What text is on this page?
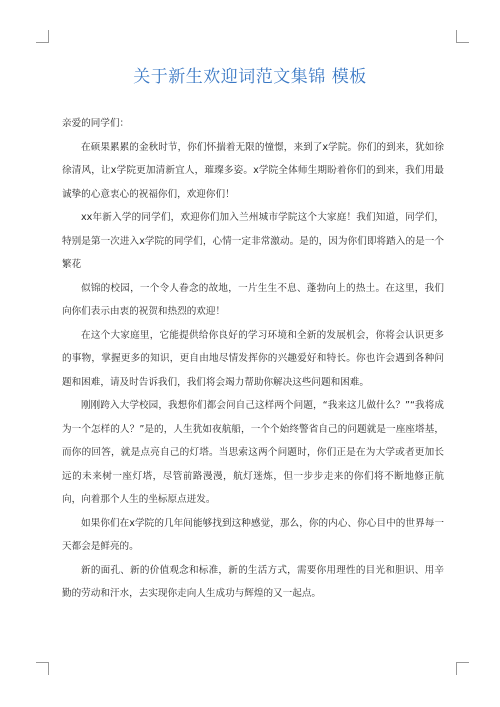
关于新生欢迎词范文集锦 模板

亲爱的同学们：

在硕果累累的金秋时节，你们怀揣着无限的憧憬，来到了x学院。你们的到来，犹如徐徐清风，让x学院更加清新宜人，璀璨多姿。x学院全体师生期盼着你们的到来，我们用最诚挚的心意衷心的祝福你们，欢迎你们！

xx年新入学的同学们，欢迎你们加入兰州城市学院这个大家庭！我们知道，同学们，特别是第一次进入x学院的同学们，心情一定非常激动。是的，因为你们即将踏入的是一个繁花

似锦的校园，一个令人眷念的故地，一片生生不息、蓬勃向上的热土。在这里，我们向你们表示由衷的祝贺和热烈的欢迎！

在这个大家庭里，它能提供给你良好的学习环境和全新的发展机会，你将会认识更多的事物，掌握更多的知识，更自由地尽情发挥你的兴趣爱好和特长。你也许会遇到各种问题和困难，请及时告诉我们，我们将会竭力帮助你解决这些问题和困难。

刚刚跨入大学校园，我想你们都会问自己这样两个问题，“我来这儿做什么？”“我将成为一个怎样的人？”是的，人生犹如夜航船，一个个始终警省自己的问题就是一座座塔基，而你的回答，就是点亮自己的灯塔。当思索这两个问题时，你们正是在为大学或者更加长远的未来树一座灯塔，尽管前路漫漫，航灯迷炼，但一步步走来的你们将不断地修正航向，向着那个人生的坐标原点迸发。

如果你们在x学院的几年间能够找到这种感觉，那么，你的内心、你心目中的世界每一天都会是鲜亮的。

新的面孔、新的价值观念和标准，新的生活方式，需要你用理性的目光和胆识、用辛勤的劳动和汗水，去实现你走向人生成功与辉煌的又一起点。
